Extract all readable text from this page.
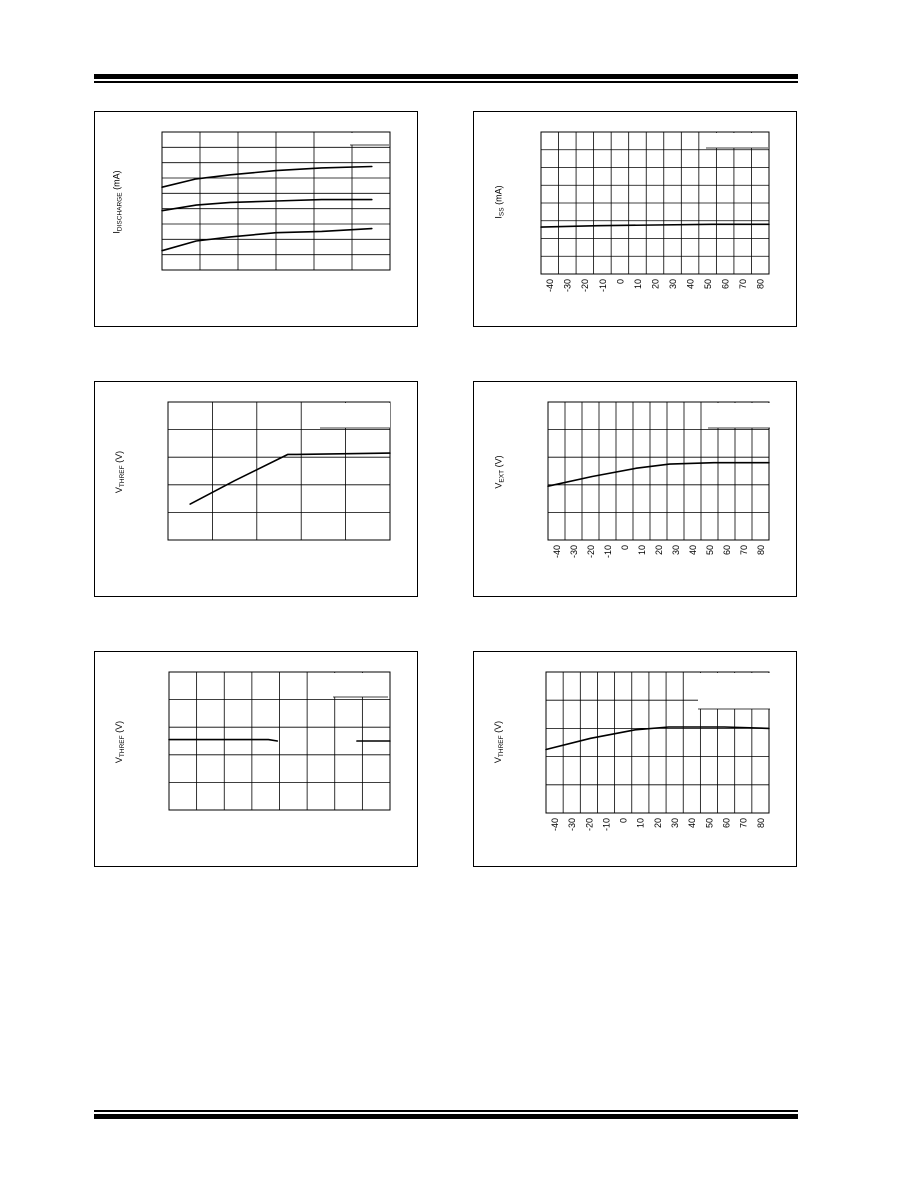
$I_{DISCHARGE}$ (mA)
-40 -30 -20 -10 0 10 20 30 40 50 60 70 80
$I_{SS}$ (mA)
$V_{THREF}$ (V)
-40 -30 -20 -10 0 10 20 30 40 50 60 70 80
$V_{EXT}$ (V)
$V_{THREF}$ (V)
-40 -30 -20 -10 0 10 20 30 40 50 60 70 80
$V_{THREF}$ (V)
